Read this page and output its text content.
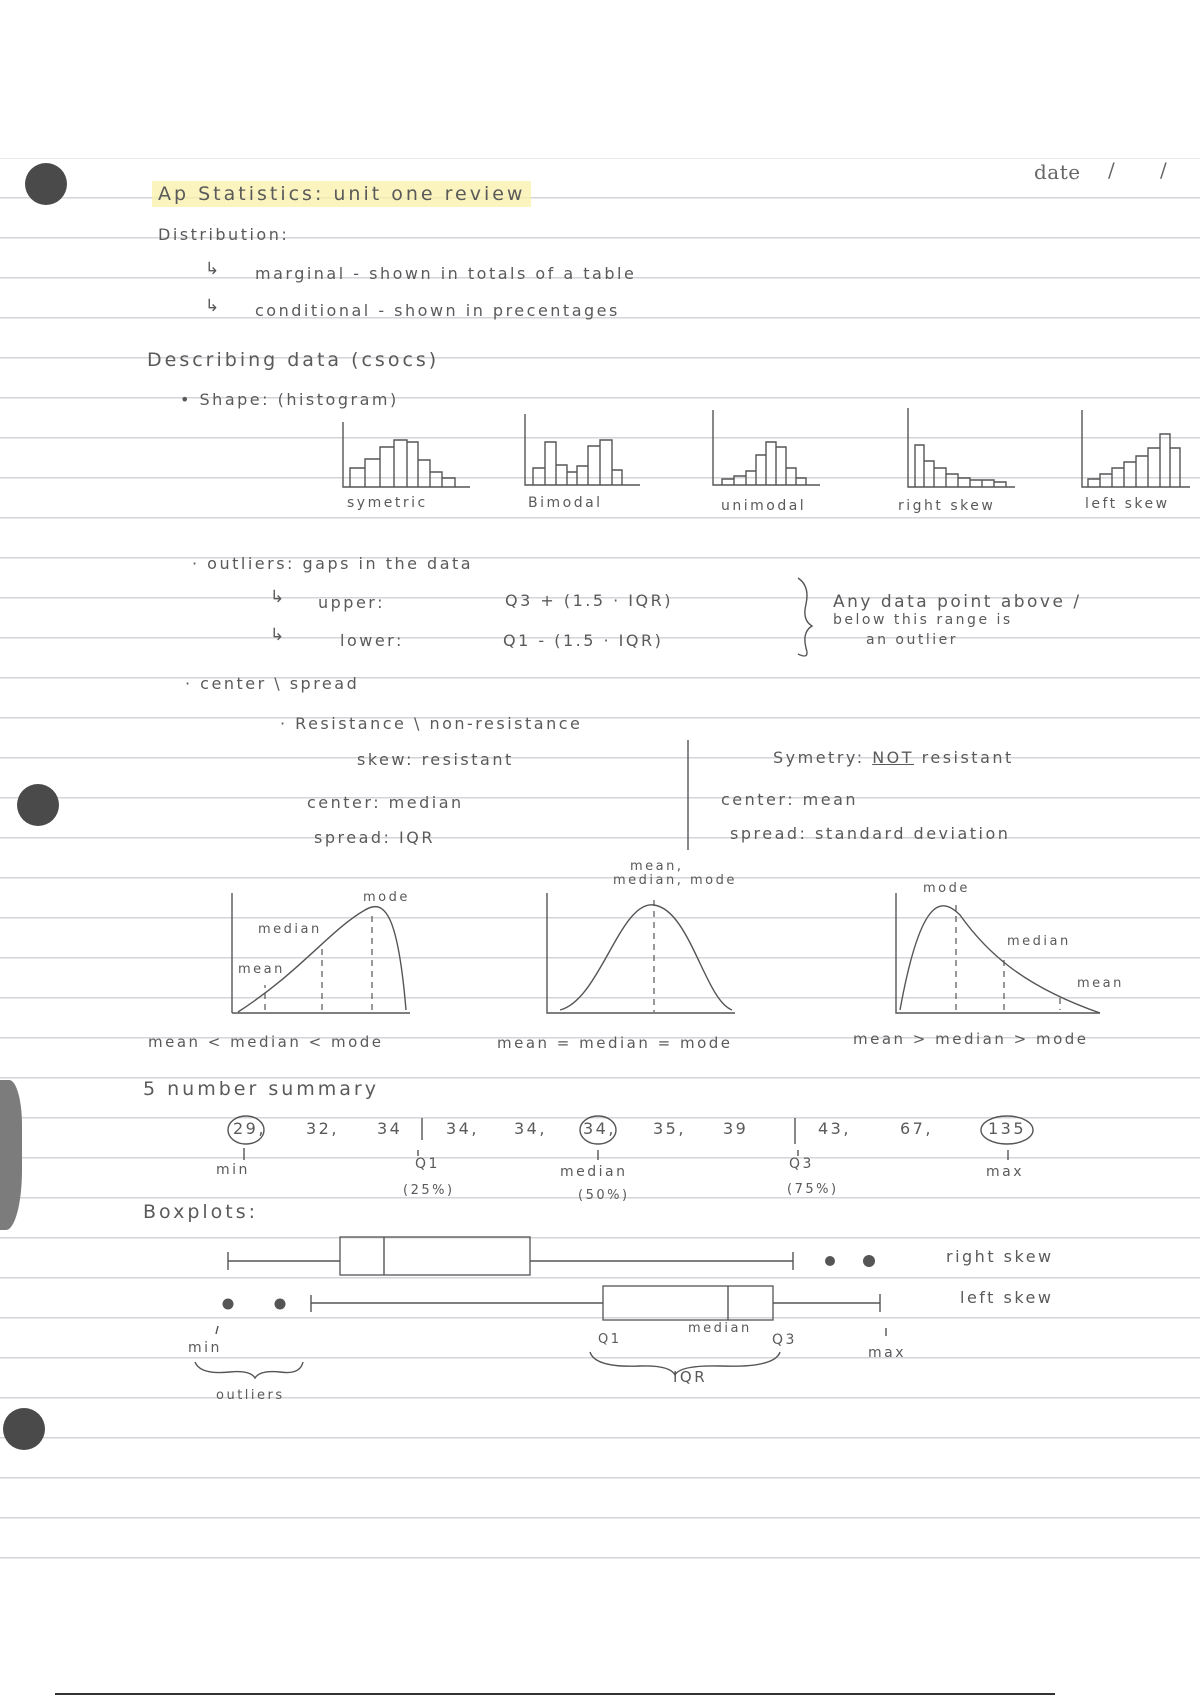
date / /
Ap Statistics: unit one review
Distribution:
↳ marginal - shown in totals of a table
↳ conditional - shown in precentages
Describing data (csocs)
• Shape: (histogram)
symetric	Bimodal	unimodal	right skew	left skew
· outliers: gaps in the data
↳ upper:	Q3 + (1.5 · IQR)
↳	lower:	Q1 - (1.5 · IQR)
Any data point above /
below this range is
an outlier
· center \ spread
· Resistance \ non-resistance
skew: resistant
center: median
spread: IQR
Symetry: NOT resistant
center: mean
spread: standard deviation
mode
median
mean
mean < median < mode
mean,
median, mode
mean = median = mode
mode
median
mean
mean > median > mode
5 number summary
29,	32, 34	34, 34, 34, 35, 39	43,	67,	135
min	Q1
(25%)
median
(50%)
Q3
(75%)
max
Boxplots:
right skew
left skew
min
outliers
Q1
median
Q3
IQR
max
